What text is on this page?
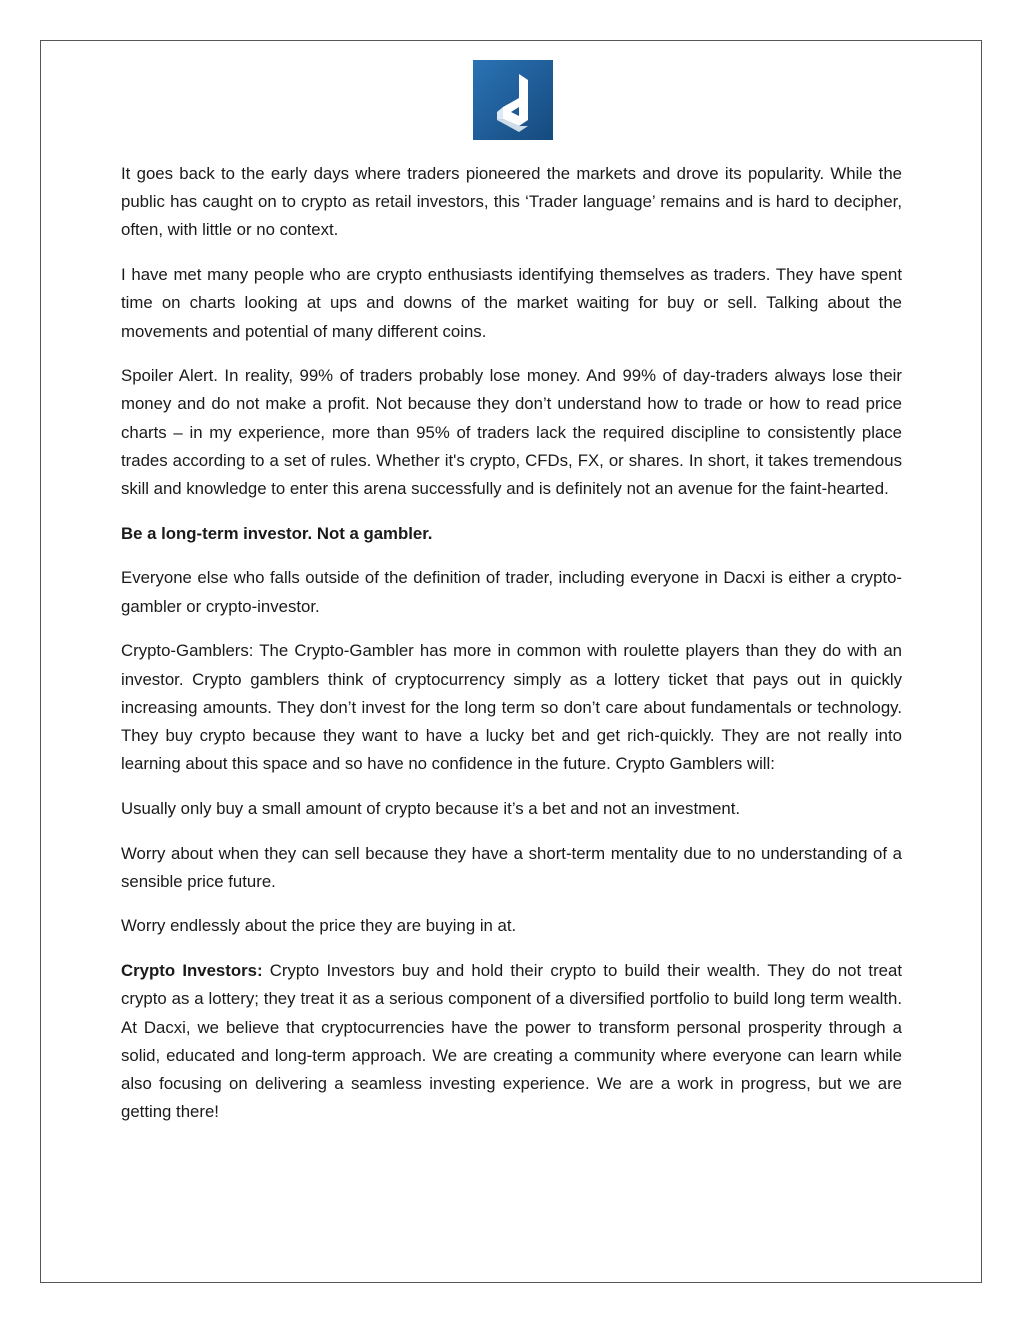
It goes back to the early days where traders pioneered the markets and drove its popularity. While the public has caught on to crypto as retail investors, this ‘Trader language’ remains and is hard to decipher, often, with little or no context.

I have met many people who are crypto enthusiasts identifying themselves as traders. They have spent time on charts looking at ups and downs of the market waiting for buy or sell. Talking about the movements and potential of many different coins.

Spoiler Alert. In reality, 99% of traders probably lose money. And 99% of day-traders always lose their money and do not make a profit. Not because they don’t understand how to trade or how to read price charts – in my experience, more than 95% of traders lack the required discipline to consistently place trades according to a set of rules. Whether it's crypto, CFDs, FX, or shares. In short, it takes tremendous skill and knowledge to enter this arena successfully and is definitely not an avenue for the faint-hearted.

Be a long-term investor. Not a gambler.

Everyone else who falls outside of the definition of trader, including everyone in Dacxi is either a crypto-gambler or crypto-investor.

Crypto-Gamblers: The Crypto-Gambler has more in common with roulette players than they do with an investor. Crypto gamblers think of cryptocurrency simply as a lottery ticket that pays out in quickly increasing amounts. They don’t invest for the long term so don’t care about fundamentals or technology. They buy crypto because they want to have a lucky bet and get rich-quickly. They are not really into learning about this space and so have no confidence in the future. Crypto Gamblers will:

Usually only buy a small amount of crypto because it’s a bet and not an investment.

Worry about when they can sell because they have a short-term mentality due to no understanding of a sensible price future.

Worry endlessly about the price they are buying in at.

Crypto Investors: Crypto Investors buy and hold their crypto to build their wealth. They do not treat crypto as a lottery; they treat it as a serious component of a diversified portfolio to build long term wealth. At Dacxi, we believe that cryptocurrencies have the power to transform personal prosperity through a solid, educated and long-term approach. We are creating a community where everyone can learn while also focusing on delivering a seamless investing experience. We are a work in progress, but we are getting there!
